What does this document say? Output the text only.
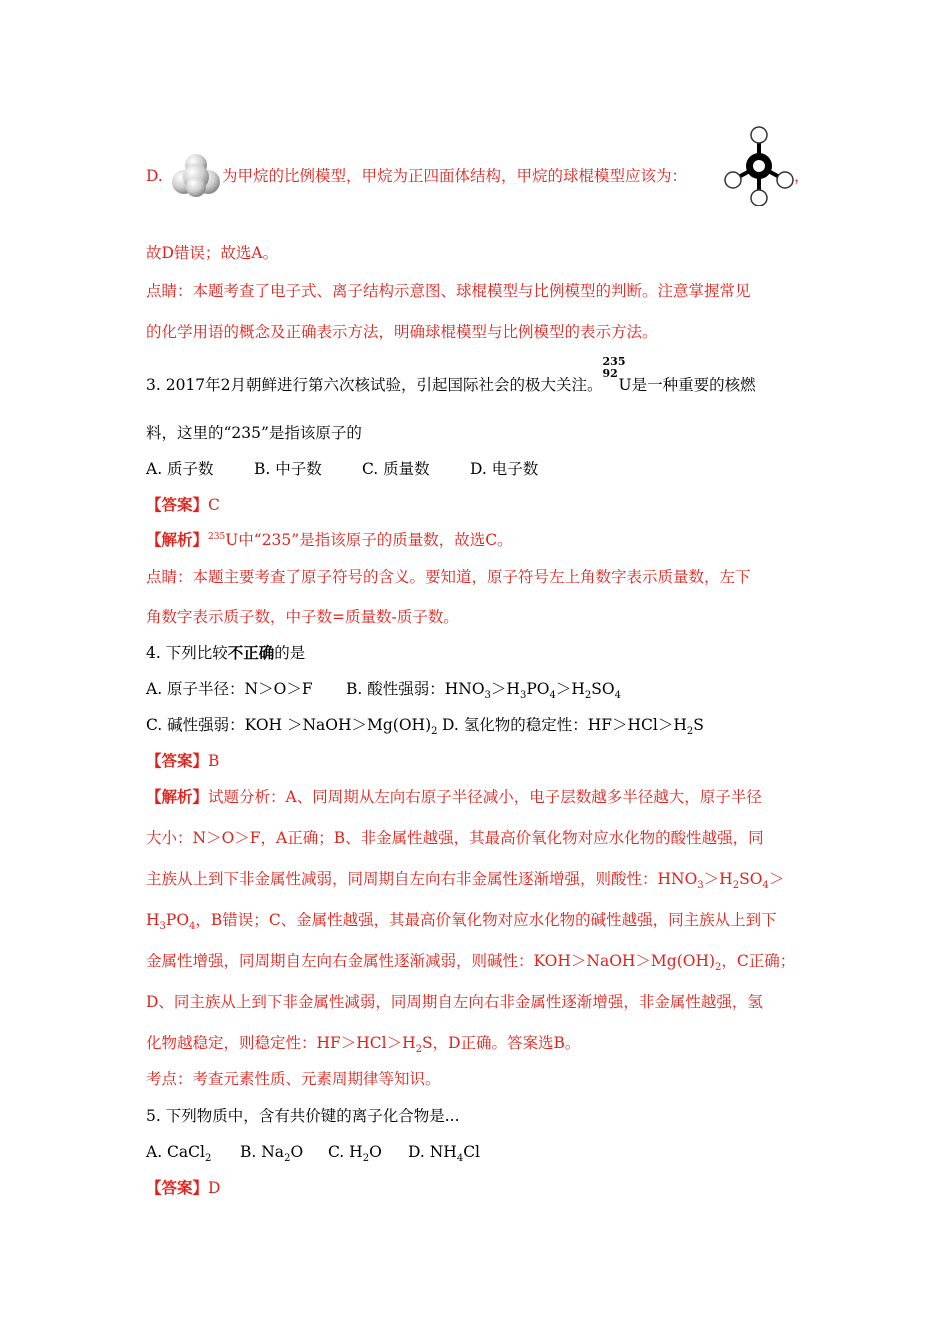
D.	为甲烷的比例模型，甲烷为正四面体结构，甲烷的球棍模型应该为：	，
故D错误；故选A。
点睛：本题考查了电子式、离子结构示意图、球棍模型与比例模型的判断。注意掌握常见
的化学用语的概念及正确表示方法，明确球棍模型与比例模型的表示方法。
3. 2017年2月朝鲜进行第六次核试验，引起国际社会的极大关注。
235
92
U是一种重要的核燃
料，这里的“235”是指该原子的
A. 质子数	B. 中子数	C. 质量数	D. 电子数
【答案】C
【解析】$^{235}$U中“235”是指该原子的质量数，故选C。
点睛：本题主要考查了原子符号的含义。要知道，原子符号左上角数字表示质量数，左下
角数字表示质子数，中子数=质量数-质子数。
4. 下列比较不正确的是
A. 原子半径：N＞O＞F B. 酸性强弱：$HNO_3>H_3PO_4>H_2SO_4$
C. 碱性强弱：KOH $>NaOH>Mg(OH)_2$ D. 氢化物的稳定性：$HF>HCl>H_2S$
【答案】B
【解析】试题分析：A、同周期从左向右原子半径减小，电子层数越多半径越大，原子半径
大小：N＞O＞F，A正确；B、非金属性越强，其最高价氧化物对应水化物的酸性越强，同
主族从上到下非金属性减弱，同周期自左向右非金属性逐渐增强，则酸性：$HNO_3>H_2SO_4>$
$H_3PO_4$，B错误；C、金属性越强，其最高价氧化物对应水化物的碱性越强，同主族从上到下
金属性增强，同周期自左向右金属性逐渐减弱，则碱性：$KOH>NaOH>Mg(OH)_2$，C正确；
D、同主族从上到下非金属性减弱，同周期自左向右非金属性逐渐增强，非金属性越强，氢
化物越稳定，则稳定性：$HF>HCl>H_2S$，D正确。答案选B。
考点：考查元素性质、元素周期律等知识。
5. 下列物质中，含有共价键的离子化合物是...
A. CaCl$_2$ B. $Na_2O$ C. $H_2O$ D. $NH_4Cl$
【答案】D
